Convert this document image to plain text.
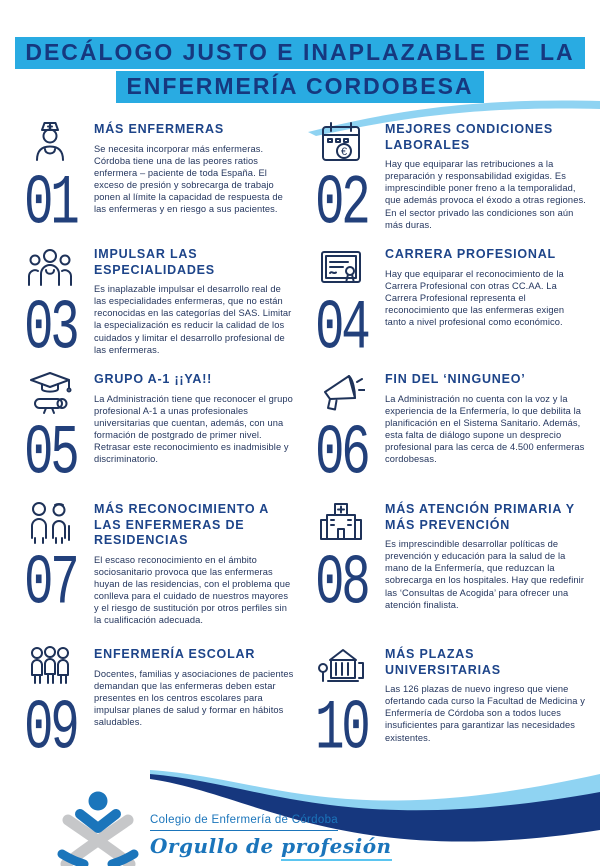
DECÁLOGO JUSTO E INAPLAZABLE DE LA
ENFERMERÍA CORDOBESA
01
MÁS ENFERMERAS
Se necesita incorporar más enfermeras. Córdoba tiene una de las peores ratios enfermera – paciente de toda España. El exceso de presión y sobrecarga de trabajo ponen al límite la capacidad de respuesta de las enfermeras y en riesgo a sus pacientes.
€
02
MEJORES CONDICIONES LABORALES
Hay que equiparar las retribuciones a la preparación y responsabilidad exigidas. Es imprescindible poner freno a la temporalidad, que además provoca el éxodo a otras regiones. En el sector privado las condiciones son aún más duras.
03
IMPULSAR LAS ESPECIALIDADES
Es inaplazable impulsar el desarrollo real de las especialidades enfermeras, que no están reconocidas en las categorías del SAS. Limitar la especialización es reducir la calidad de los cuidados y limitar el desarrollo profesional de las enfermeras.	04
CARRERA PROFESIONAL
Hay que equiparar el reconocimiento de la Carrera Profesional con otras CC.AA. La Carrera Profesional representa el reconocimiento que las enfermeras exigen tanto a nivel profesional como económico.
05
GRUPO A-1 ¡¡YA!!
La Administración tiene que reconocer el grupo profesional A-1 a unas profesionales universitarias que cuentan, además, con una formación de postgrado de primer nivel. Retrasar este reconocimiento es inadmisible y discriminatorio.	06
FIN DEL ‘NINGUNEO’
La Administración no cuenta con la voz y la experiencia de la Enfermería, lo que debilita la planificación en el Sistema Sanitario. Además, esta falta de diálogo supone un desprecio profesional para las cerca de 4.500 enfermeras cordobesas.
07
MÁS RECONOCIMIENTO A LAS ENFERMERAS DE RESIDENCIAS
El escaso reconocimiento en el ámbito sociosanitario provoca que las enfermeras huyan de las residencias, con el problema que conlleva para el cuidado de nuestros mayores y el riesgo de sustitución por otros perfiles sin la cualificación adecuada.	08
MÁS ATENCIÓN PRIMARIA Y MÁS PREVENCIÓN
Es imprescindible desarrollar políticas de prevención y educación para la salud de la mano de la Enfermería, que reduzcan la sobrecarga en los hospitales. Hay que redefinir las ‘Consultas de Acogida’ para ofrecer una atención finalista.
09
ENFERMERÍA ESCOLAR
Docentes, familias y asociaciones de pacientes demandan que las enfermeras deben estar presentes en los centros escolares para impulsar planes de salud y formar en hábitos saludables.	10
MÁS PLAZAS UNIVERSITARIAS
Las 126 plazas de nuevo ingreso que viene ofertando cada curso la Facultad de Medicina y Enfermería de Córdoba son a todos luces insuficientes para garantizar las necesidades existentes.
Colegio de Enfermería de Córdoba
Orgullo de profesión
